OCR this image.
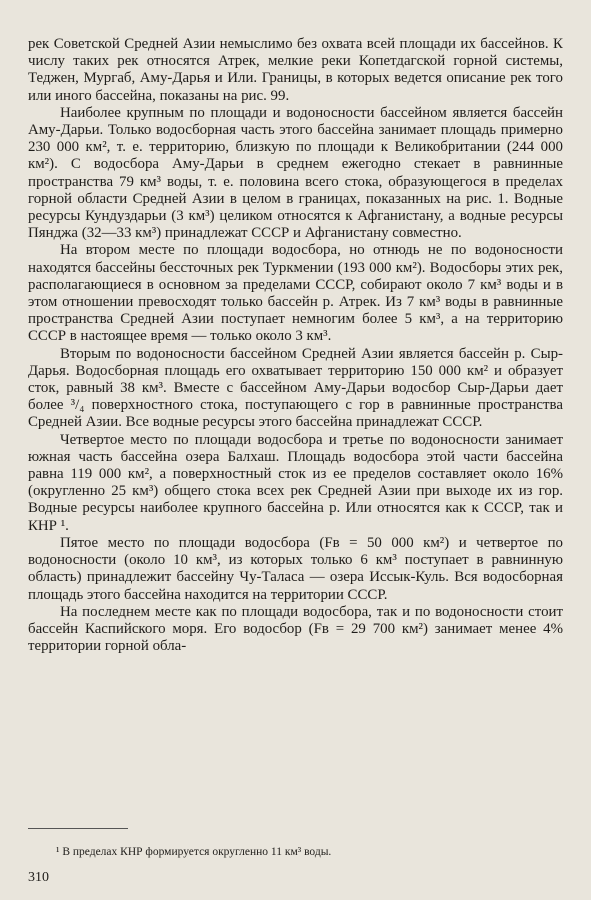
рек Советской Средней Азии немыслимо без охвата всей площади их бассейнов. К числу таких рек относятся Атрек, мелкие реки Копетдагской горной системы, Теджен, Мургаб, Аму-Дарья и Или. Границы, в которых ведется описание рек того или иного бассейна, показаны на рис. 99.

Наиболее крупным по площади и водоносности бассейном является бассейн Аму-Дарьи. Только водосборная часть этого бассейна занимает площадь примерно 230 000 км², т. е. территорию, близкую по площади к Великобритании (244 000 км²). С водосбора Аму-Дарьи в среднем ежегодно стекает в равнинные пространства 79 км³ воды, т. е. половина всего стока, образующегося в пределах горной области Средней Азии в целом в границах, показанных на рис. 1. Водные ресурсы Кундуздарьи (3 км³) целиком относятся к Афганистану, а водные ресурсы Пянджа (32—33 км³) принадлежат СССР и Афганистану совместно.

На втором месте по площади водосбора, но отнюдь не по водоносности находятся бассейны бессточных рек Туркмении (193 000 км²). Водосборы этих рек, располагающиеся в основном за пределами СССР, собирают около 7 км³ воды и в этом отношении превосходят только бассейн р. Атрек. Из 7 км³ воды в равнинные пространства Средней Азии поступает немногим более 5 км³, а на территорию СССР в настоящее время — только около 3 км³.

Вторым по водоносности бассейном Средней Азии является бассейн р. Сыр-Дарья. Водосборная площадь его охватывает территорию 150 000 км² и образует сток, равный 38 км³. Вместе с бассейном Аму-Дарьи водосбор Сыр-Дарьи дает более ³/₄ поверхностного стока, поступающего с гор в равнинные пространства Средней Азии. Все водные ресурсы этого бассейна принадлежат СССР.

Четвертое место по площади водосбора и третье по водоносности занимает южная часть бассейна озера Балхаш. Площадь водосбора этой части бассейна равна 119 000 км², а поверхностный сток из ее пределов составляет около 16% (округленно 25 км³) общего стока всех рек Средней Азии при выходе их из гор. Водные ресурсы наиболее крупного бассейна р. Или относятся как к СССР, так и КНР ¹.

Пятое место по площади водосбора (Fв = 50 000 км²) и четвертое по водоносности (около 10 км³, из которых только 6 км³ поступает в равнинную область) принадлежит бассейну Чу-Таласа — озера Иссык-Куль. Вся водосборная площадь этого бассейна находится на территории СССР.

На последнем месте как по площади водосбора, так и по водоносности стоит бассейн Каспийского моря. Его водосбор (Fв = 29 700 км²) занимает менее 4% территории горной обла-

¹ В пределах КНР формируется округленно 11 км³ воды.
310
